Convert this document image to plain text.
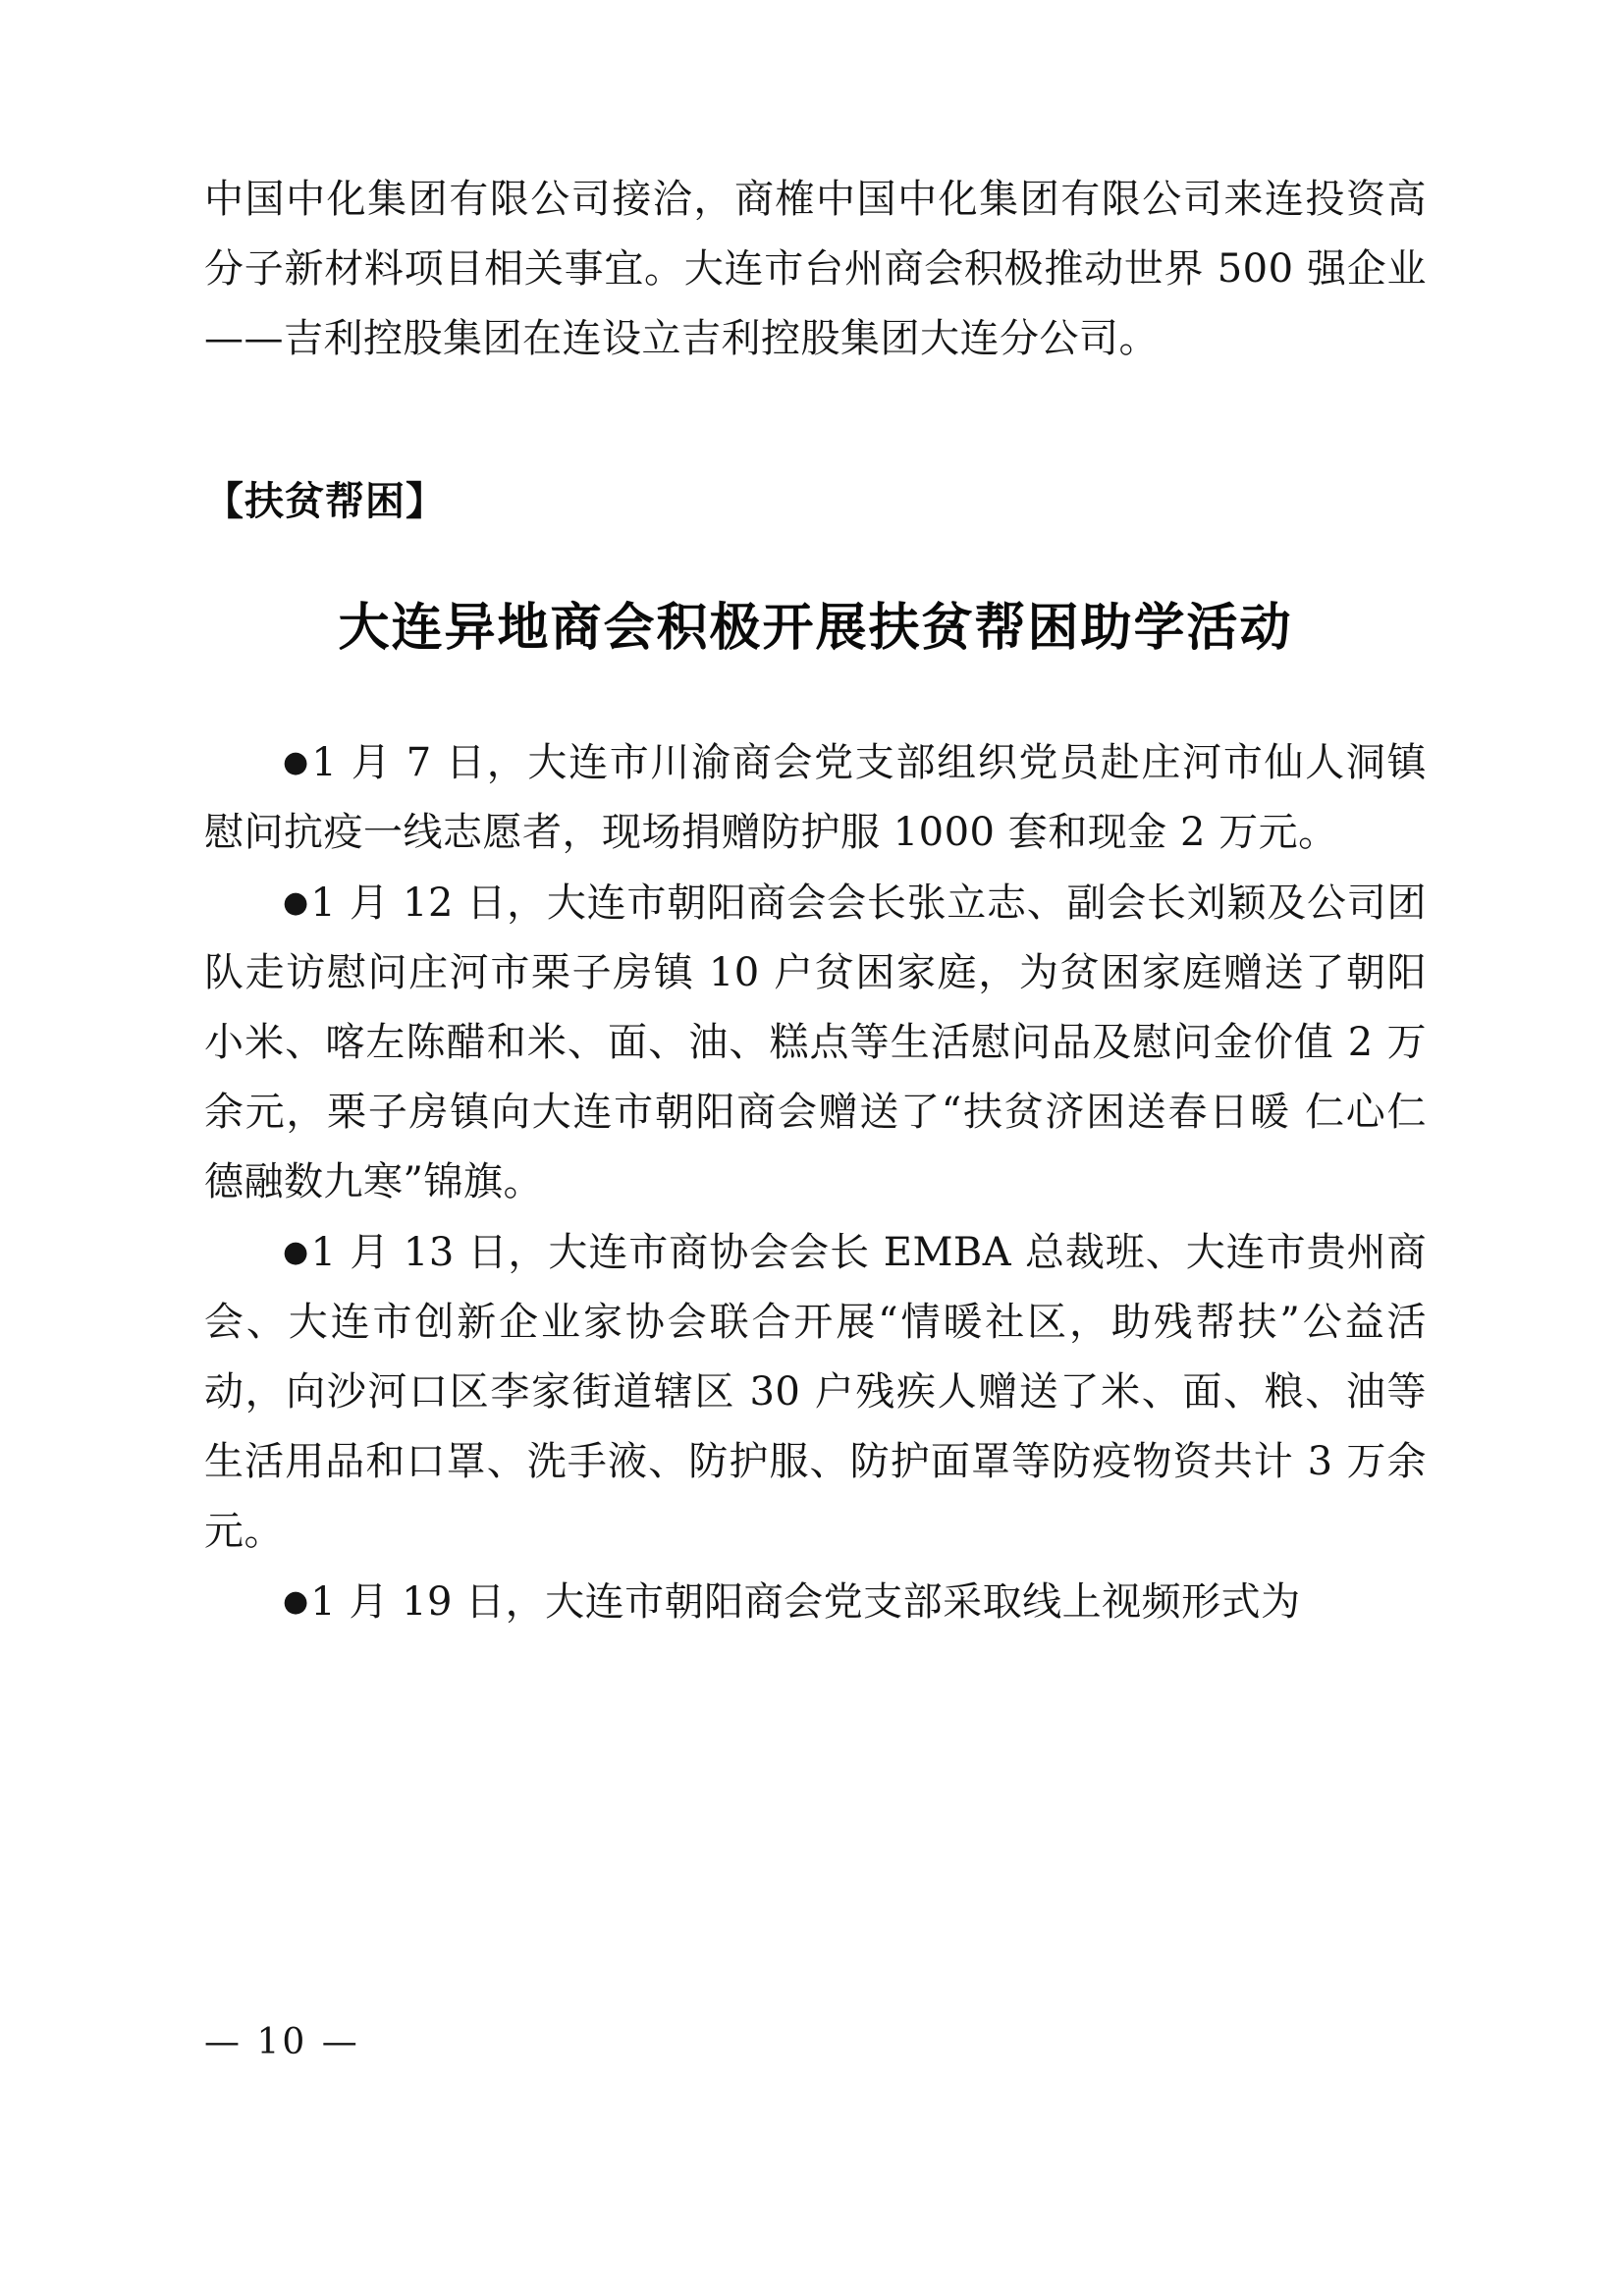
中国中化集团有限公司接洽，商榷中国中化集团有限公司来连投资高分子新材料项目相关事宜。大连市台州商会积极推动世界 500 强企业——吉利控股集团在连设立吉利控股集团大连分公司。

【扶贫帮困】

大连异地商会积极开展扶贫帮困助学活动

●1 月 7 日，大连市川渝商会党支部组织党员赴庄河市仙人洞镇慰问抗疫一线志愿者，现场捐赠防护服 1000 套和现金 2 万元。

●1 月 12 日，大连市朝阳商会会长张立志、副会长刘颖及公司团队走访慰问庄河市栗子房镇 10 户贫困家庭，为贫困家庭赠送了朝阳小米、喀左陈醋和米、面、油、糕点等生活慰问品及慰问金价值 2 万余元，栗子房镇向大连市朝阳商会赠送了“扶贫济困送春日暖 仁心仁德融数九寒”锦旗。

●1 月 13 日，大连市商协会会长 EMBA 总裁班、大连市贵州商会、大连市创新企业家协会联合开展“情暖社区，助残帮扶”公益活动，向沙河口区李家街道辖区 30 户残疾人赠送了米、面、粮、油等生活用品和口罩、洗手液、防护服、防护面罩等防疫物资共计 3 万余元。

●1 月 19 日，大连市朝阳商会党支部采取线上视频形式为

— 10 —
